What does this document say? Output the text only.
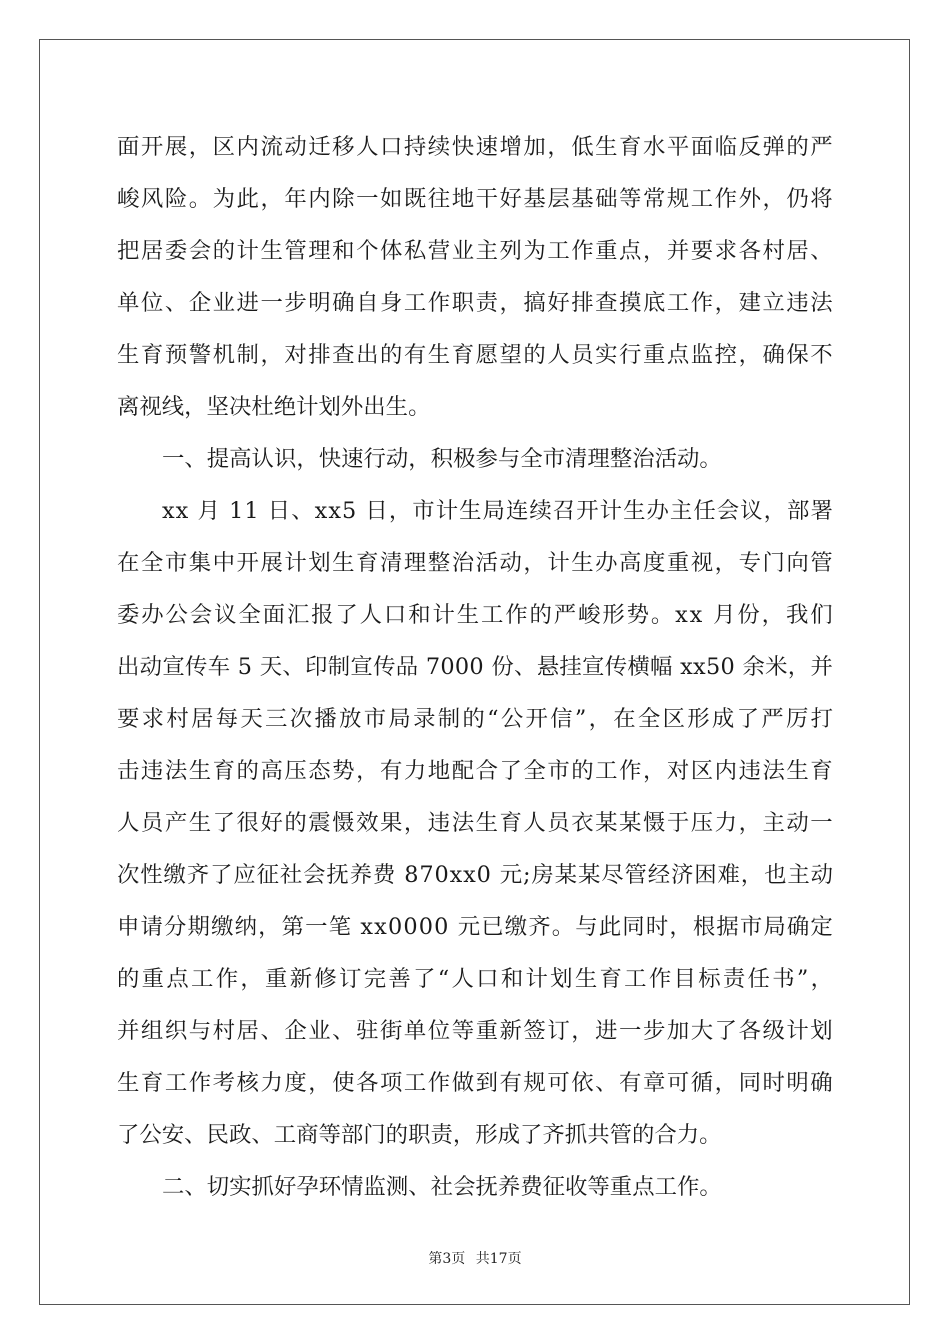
面 开 展 ， 区 内 流 动 迁 移 人 口 持 续 快 速 增 加 ， 低 生 育 水 平 面 临 反 弹 的 严
峻 风 险 。 为 此 ， 年 内 除 一 如 既 往 地 干 好 基 层 基 础 等 常 规 工 作 外 ， 仍 将
把 居 委 会 的 计 生 管 理 和 个 体 私 营 业 主 列 为 工 作 重 点 ， 并 要 求 各 村 居 、
单 位 、 企 业 进 一 步 明 确 自 身 工 作 职 责 ， 搞 好 排 查 摸 底 工 作 ， 建 立 违 法
生 育 预 警 机 制 ， 对 排 查 出 的 有 生 育 愿 望 的 人 员 实 行 重 点 监 控 ， 确 保 不
离视线，坚决杜绝计划外出生。
一、提高认识，快速行动，积极参与全市清理整治活动。
x x
月
1 1
日 、 x x 5
日 ， 市 计 生 局 连 续 召 开 计 生 办 主 任 会 议 ， 部 署
在 全 市 集 中 开 展 计 划 生 育 清 理 整 治 活 动 ， 计 生 办 高 度 重 视 ， 专 门 向 管
委 办 公 会 议 全 面 汇 报 了 人 口 和 计 生 工 作 的 严 峻 形 势 。 x x
月 份 ， 我 们
出 动 宣 传 车
5
天 、 印 制 宣 传 品
7 0 0 0
份 、 悬 挂 宣 传 横 幅
x x 5 0
余 米 ， 并
要 求 村 居 每 天 三 次 播 放 市 局 录 制 的 “ 公 开 信 ” ， 在 全 区 形 成 了 严 厉 打
击 违 法 生 育 的 高 压 态 势 ， 有 力 地 配 合 了 全 市 的 工 作 ， 对 区 内 违 法 生 育
人 员 产 生 了 很 好 的 震 慑 效 果 ， 违 法 生 育 人 员 衣 某 某 慑 于 压 力 ， 主 动 一
次 性 缴 齐 了 应 征 社 会 抚 养 费
8 7 0 x x 0
元 ; 房 某 某 尽 管 经 济 困 难 ， 也 主 动
申 请 分 期 缴 纳 ， 第 一 笔
x x 0 0 0 0
元 已 缴 齐 。 与 此 同 时 ， 根 据 市 局 确 定
的 重 点 工 作 ， 重 新 修 订 完 善 了 “ 人 口 和 计 划 生 育 工 作 目 标 责 任 书 ” ，
并 组 织 与 村 居 、 企 业 、 驻 街 单 位 等 重 新 签 订 ， 进 一 步 加 大 了 各 级 计 划
生 育 工 作 考 核 力 度 ， 使 各 项 工 作 做 到 有 规 可 依 、 有 章 可 循 ， 同 时 明 确
了公安、民政、工商等部门的职责，形成了齐抓共管的合力。
二、切实抓好孕环情监测、社会抚养费征收等重点工作。
第3页 共17页
